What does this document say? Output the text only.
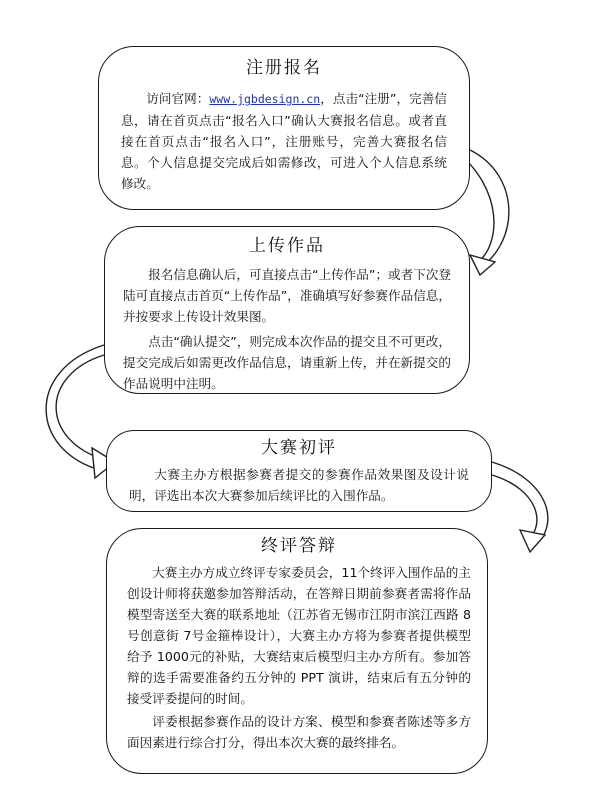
注册报名

访问官网：www.jgbdesign.cn，点击“注册”，完善信息，请在首页点击“报名入口”确认大赛报名信息。或者直接在首页点击“报名入口”，注册账号，完善大赛报名信息。个人信息提交完成后如需修改，可进入个人信息系统修改。

上传作品

报名信息确认后，可直接点击“上传作品”；或者下次登陆可直接点击首页“上传作品”，准确填写好参赛作品信息，并按要求上传设计效果图。

点击“确认提交”，则完成本次作品的提交且不可更改，提交完成后如需更改作品信息，请重新上传，并在新提交的作品说明中注明。

大赛初评

大赛主办方根据参赛者提交的参赛作品效果图及设计说明，评选出本次大赛参加后续评比的入围作品。

终评答辩

大赛主办方成立终评专家委员会，11个终评入围作品的主创设计师将获邀参加答辩活动，在答辩日期前参赛者需将作品模型寄送至大赛的联系地址（江苏省无锡市江阴市滨江西路 8号创意街 7号金箍棒设计），大赛主办方将为参赛者提供模型给予 1000元的补贴，大赛结束后模型归主办方所有。参加答辩的选手需要准备约五分钟的 PPT 演讲，结束后有五分钟的接受评委提问的时间。

评委根据参赛作品的设计方案、模型和参赛者陈述等多方面因素进行综合打分，得出本次大赛的最终排名。
